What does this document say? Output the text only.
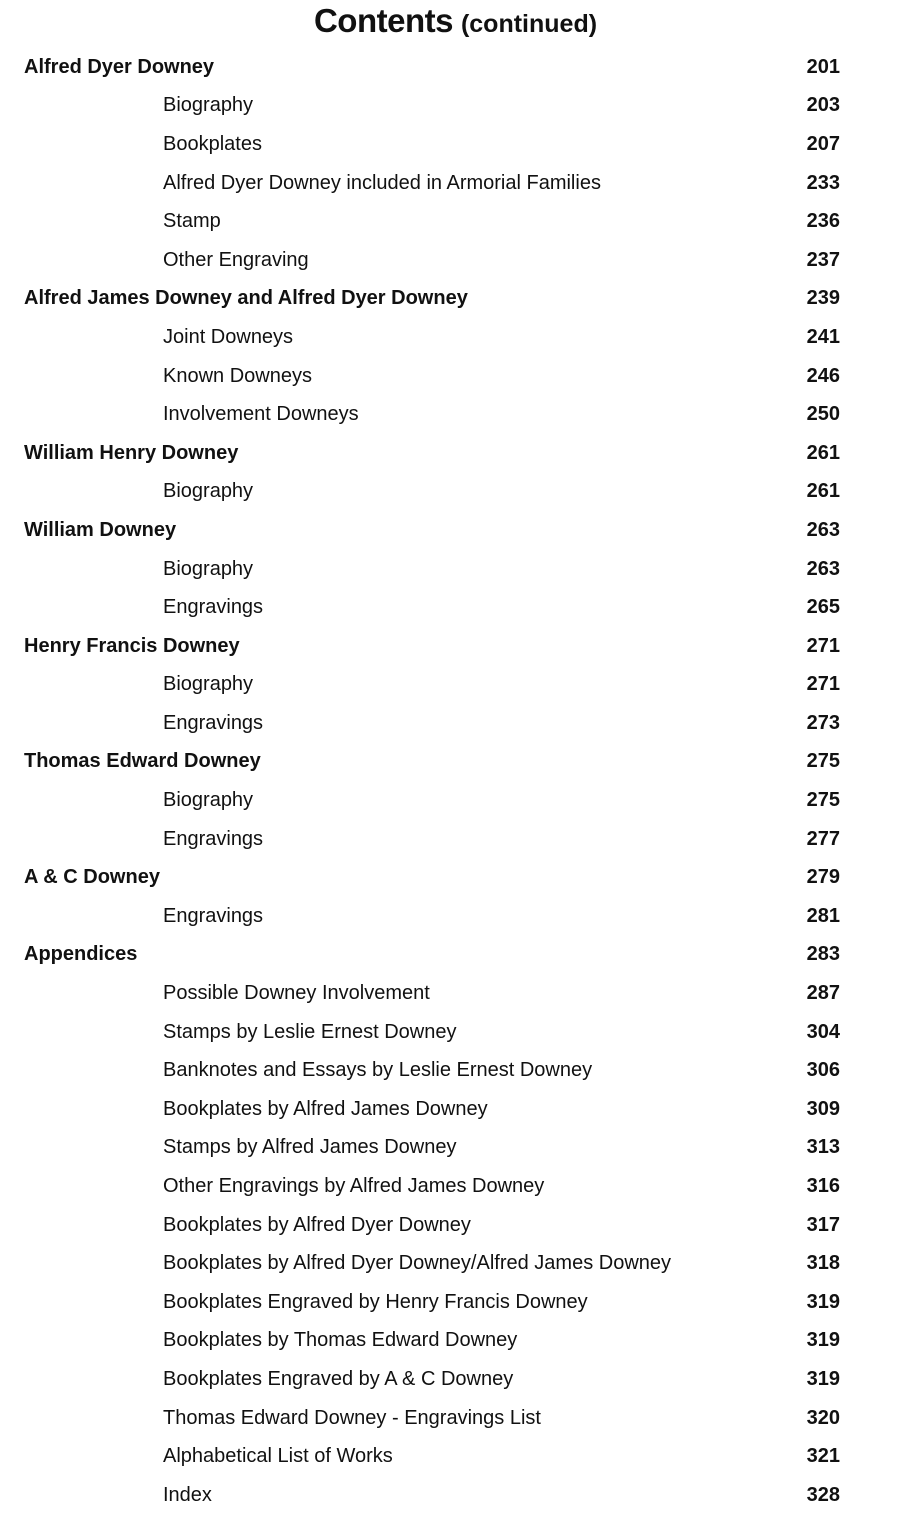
Contents (continued)
Alfred Dyer Downey	201
Biography	203
Bookplates	207
Alfred Dyer Downey included in Armorial Families	233
Stamp	236
Other Engraving	237
Alfred James Downey and Alfred Dyer Downey	239
Joint Downeys	241
Known Downeys	246
Involvement Downeys	250
William Henry Downey	261
Biography	261
William Downey	263
Biography	263
Engravings	265
Henry Francis Downey	271
Biography	271
Engravings	273
Thomas Edward Downey	275
Biography	275
Engravings	277
A & C Downey	279
Engravings	281
Appendices	283
Possible Downey Involvement	287
Stamps by Leslie Ernest Downey	304
Banknotes and Essays by Leslie Ernest Downey	306
Bookplates by Alfred James Downey	309
Stamps by Alfred James Downey	313
Other Engravings by Alfred James Downey	316
Bookplates by Alfred Dyer Downey	317
Bookplates by Alfred Dyer Downey/Alfred James Downey	318
Bookplates Engraved by Henry Francis Downey	319
Bookplates by Thomas Edward Downey	319
Bookplates Engraved by A & C Downey	319
Thomas Edward Downey - Engravings List	320
Alphabetical List of Works	321
Index	328
